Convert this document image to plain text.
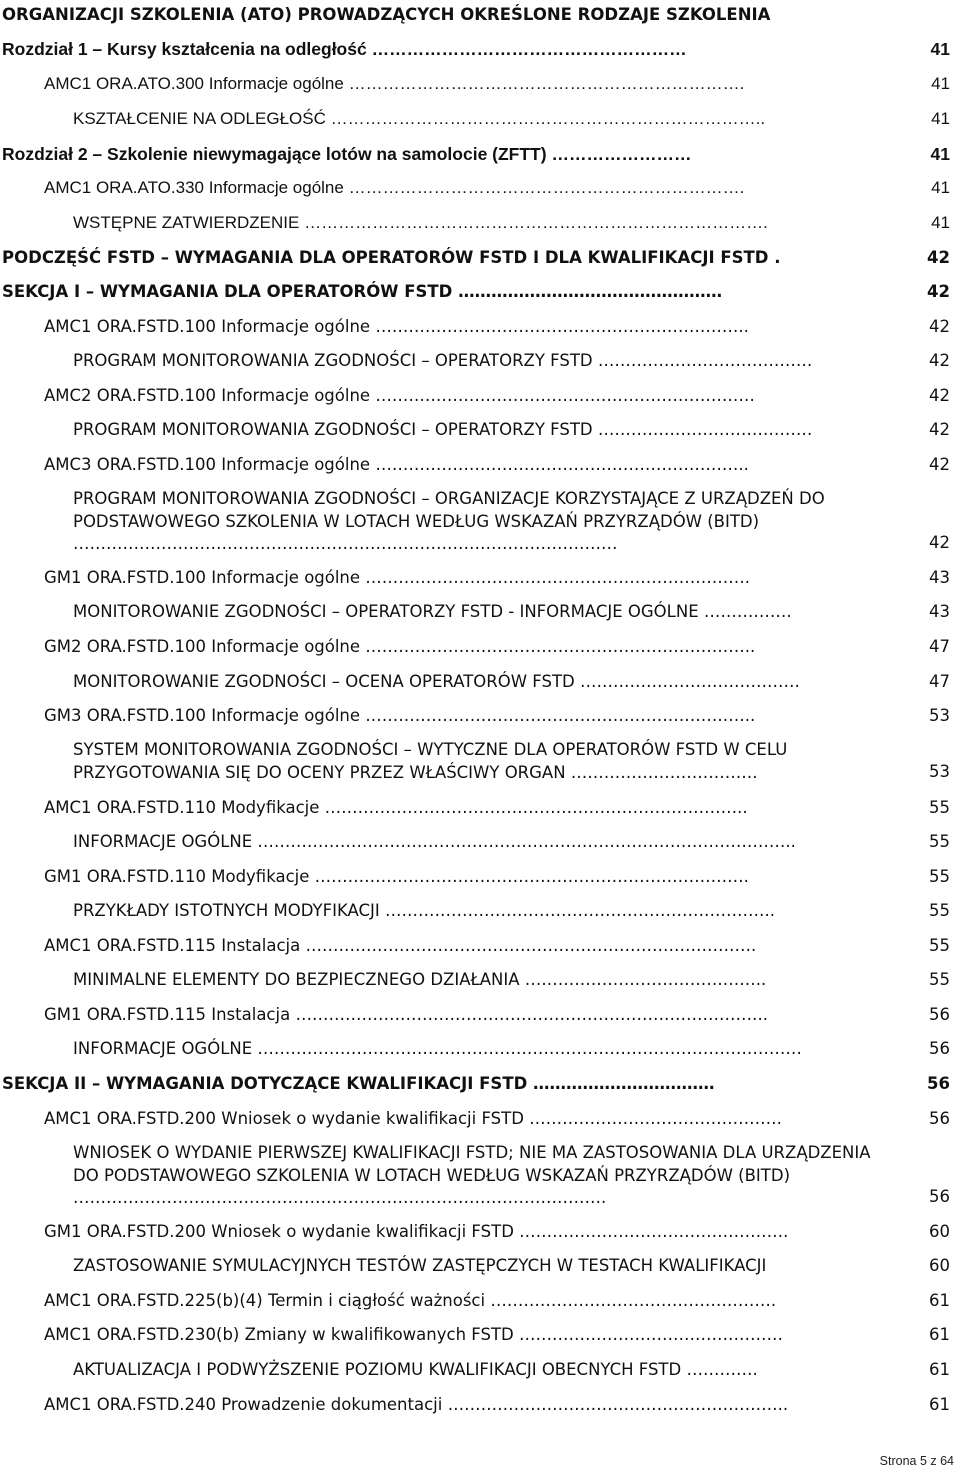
ORGANIZACJI SZKOLENIA (ATO) PROWADZĄCYCH OKREŚLONE RODZAJE SZKOLENIA
Rozdział 1 – Kursy kształcenia na odległość ………………………………………………	41
AMC1 ORA.ATO.300 Informacje ogólne …………………………………………………………….	41
KSZTAŁCENIE NA ODLEGŁOŚĆ …………………………………………………………………..	41
Rozdział 2 – Szkolenie niewymagające lotów na samolocie (ZFTT) ……………………	41
AMC1 ORA.ATO.330 Informacje ogólne …………………………………………………………….	41
WSTĘPNE ZATWIERDZENIE ……………………………………………………………………….	41
PODCZĘŚĆ FSTD – WYMAGANIA DLA OPERATORÓW FSTD I DLA KWALIFIKACJI FSTD .	42
SEKCJA I – WYMAGANIA DLA OPERATORÓW FSTD …………………………………………	42
AMC1 ORA.FSTD.100 Informacje ogólne …………………………………………………………..	42
PROGRAM MONITOROWANIA ZGODNOŚCI – OPERATORZY FSTD …………………………………	42
AMC2 ORA.FSTD.100 Informacje ogólne ……………………………………………………………	42
PROGRAM MONITOROWANIA ZGODNOŚCI – OPERATORZY FSTD …………………………………	42
AMC3 ORA.FSTD.100 Informacje ogólne …………………………………………………………..	42
PROGRAM MONITOROWANIA ZGODNOŚCI – ORGANIZACJE KORZYSTAJĄCE Z URZĄDZEŃ DO PODSTAWOWEGO SZKOLENIA W LOTACH WEDŁUG WSKAZAŃ PRZYRZĄDÓW (BITD) ………………………………………………………………………………………	42
GM1 ORA.FSTD.100 Informacje ogólne …………………………………………………………….	43
MONITOROWANIE ZGODNOŚCI – OPERATORZY FSTD - INFORMACJE OGÓLNE …………….	43
GM2 ORA.FSTD.100 Informacje ogólne ……………………………………………………………..	47
MONITOROWANIE ZGODNOŚCI – OCENA OPERATORÓW FSTD ………………………………….	47
GM3 ORA.FSTD.100 Informacje ogólne ……………………………………………………………..	53
SYSTEM MONITOROWANIA ZGODNOŚCI – WYTYCZNE DLA OPERATORÓW FSTD W CELU PRZYGOTOWANIA SIĘ DO OCENY PRZEZ WŁAŚCIWY ORGAN …………………………….	53
AMC1 ORA.FSTD.110 Modyfikacje …………………………………………………………………..	55
INFORMACJE OGÓLNE ……………………………………………………………………………………..	55
GM1 ORA.FSTD.110 Modyfikacje …………………………………………………………………….	55
PRZYKŁADY ISTOTNYCH MODYFIKACJI ……………………………………………………………..	55
AMC1 ORA.FSTD.115 Instalacja ……………………………………………………………………….	55
MINIMALNE ELEMENTY DO BEZPIECZNEGO DZIAŁANIA ……………………………………..	55
GM1 ORA.FSTD.115 Instalacja …………………………………………………………………………..	56
INFORMACJE OGÓLNE ………………………………………………………………………………………	56
SEKCJA II – WYMAGANIA DOTYCZĄCE KWALIFIKACJI FSTD ……………………………	56
AMC1 ORA.FSTD.200 Wniosek o wydanie kwalifikacji FSTD ……………………………………….	56
WNIOSEK O WYDANIE PIERWSZEJ KWALIFIKACJI FSTD; NIE MA ZASTOSOWANIA DLA URZĄDZENIA DO PODSTAWOWEGO SZKOLENIA W LOTACH WEDŁUG WSKAZAŃ PRZYRZĄDÓW (BITD) …………………………………………………………………………………….	56
GM1 ORA.FSTD.200 Wniosek o wydanie kwalifikacji FSTD ………………………………………….	60
ZASTOSOWANIE SYMULACYJNYCH TESTÓW ZASTĘPCZYCH W TESTACH KWALIFIKACJI	60
AMC1 ORA.FSTD.225(b)(4) Termin i ciągłość ważności …………………………………………….	61
AMC1 ORA.FSTD.230(b) Zmiany w kwalifikowanych FSTD …………………………………………	61
AKTUALIZACJA I PODWYŻSZENIE POZIOMU KWALIFIKACJI OBECNYCH FSTD ………….	61
AMC1 ORA.FSTD.240 Prowadzenie dokumentacji ……………………………………………………..	61
Strona 5 z 64
